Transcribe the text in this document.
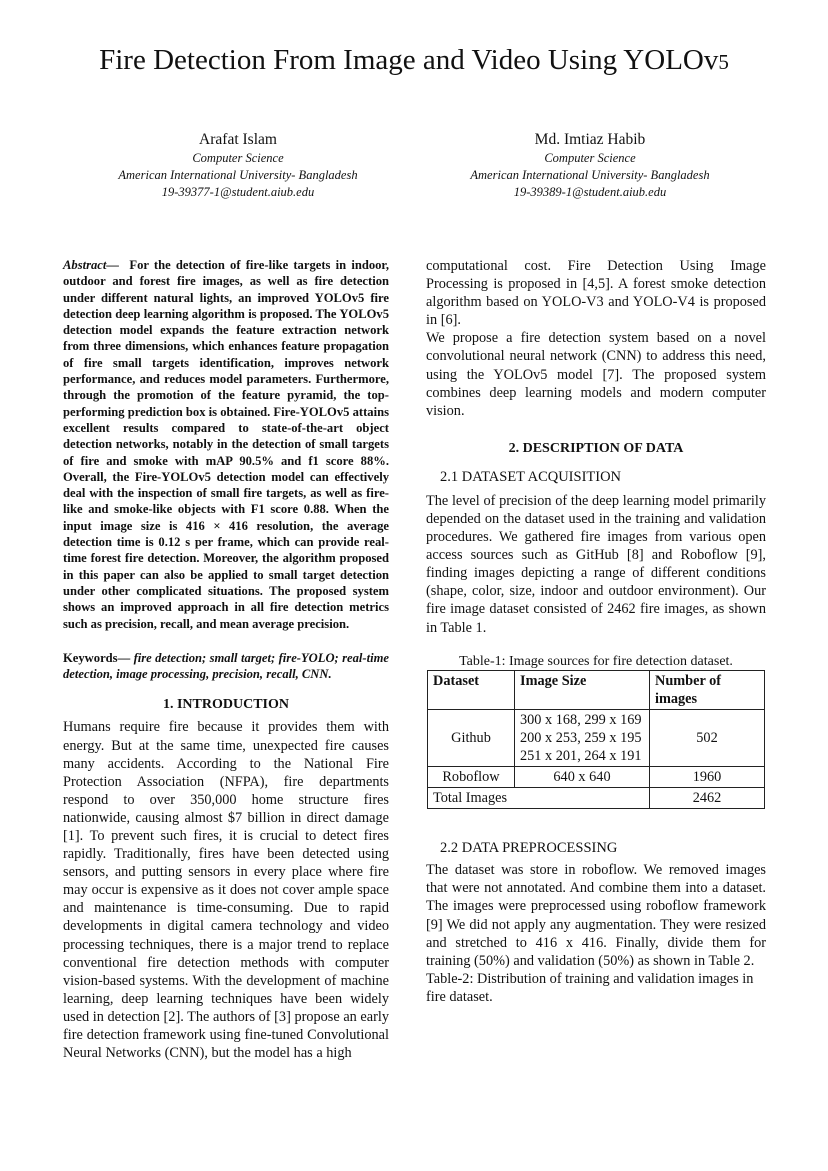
Fire Detection From Image and Video Using YOLOv5
Arafat Islam
Computer Science
American International University- Bangladesh
19-39377-1@student.aiub.edu
Md. Imtiaz Habib
Computer Science
American International University- Bangladesh
19-39389-1@student.aiub.edu

Abstract— For the detection of fire-like targets in indoor, outdoor and forest fire images, as well as fire detection under different natural lights, an improved YOLOv5 fire detection deep learning algorithm is proposed. The YOLOv5 detection model expands the feature extraction network from three dimensions, which enhances feature propagation of fire small targets identification, improves network performance, and reduces model parameters. Furthermore, through the promotion of the feature pyramid, the top-performing prediction box is obtained. Fire-YOLOv5 attains excellent results compared to state-of-the-art object detection networks, notably in the detection of small targets of fire and smoke with mAP 90.5% and f1 score 88%. Overall, the Fire-YOLOv5 detection model can effectively deal with the inspection of small fire targets, as well as fire-like and smoke-like objects with F1 score 0.88. When the input image size is 416 × 416 resolution, the average detection time is 0.12 s per frame, which can provide real-time forest fire detection. Moreover, the algorithm proposed in this paper can also be applied to small target detection under other complicated situations. The proposed system shows an improved approach in all fire detection metrics such as precision, recall, and mean average precision.

Keywords— fire detection; small target; fire-YOLO; real-time detection, image processing, precision, recall, CNN.

1. INTRODUCTION

Humans require fire because it provides them with energy. But at the same time, unexpected fire causes many accidents. According to the National Fire Protection Association (NFPA), fire departments respond to over 350,000 home structure fires nationwide, causing almost $7 billion in direct damage [1]. To prevent such fires, it is crucial to detect fires rapidly. Traditionally, fires have been detected using sensors, and putting sensors in every place where fire may occur is expensive as it does not cover ample space and maintenance is time-consuming. Due to rapid developments in digital camera technology and video processing techniques, there is a major trend to replace conventional fire detection methods with computer vision-based systems. With the development of machine learning, deep learning techniques have been widely used in detection [2]. The authors of [3] propose an early fire detection framework using fine-tuned Convolutional Neural Networks (CNN), but the model has a high

computational cost. Fire Detection Using Image Processing is proposed in [4,5]. A forest smoke detection algorithm based on YOLO-V3 and YOLO-V4 is proposed in [6].

We propose a fire detection system based on a novel convolutional neural network (CNN) to address this need, using the YOLOv5 model [7]. The proposed system combines deep learning models and modern computer vision.

2. DESCRIPTION OF DATA
2.1 DATASET ACQUISITION

The level of precision of the deep learning model primarily depended on the dataset used in the training and validation procedures. We gathered fire images from various open access sources such as GitHub [8] and Roboflow [9], finding images depicting a range of different conditions (shape, color, size, indoor and outdoor environment). Our fire image dataset consisted of 2462 fire images, as shown in Table 1.

Table-1: Image sources for fire detection dataset.
Dataset	Image Size	Number of images
Github	300 x 168, 299 x 169
200 x 253, 259 x 195
251 x 201, 264 x 191	502
Roboflow	640 x 640	1960
Total Images		2462
2.2 DATA PREPROCESSING

The dataset was store in roboflow. We removed images that were not annotated. And combine them into a dataset. The images were preprocessed using roboflow framework [9] We did not apply any augmentation. They were resized and stretched to 416 x 416. Finally, divide them for training (50%) and validation (50%) as shown in Table 2.

Table-2: Distribution of training and validation images in fire dataset.
